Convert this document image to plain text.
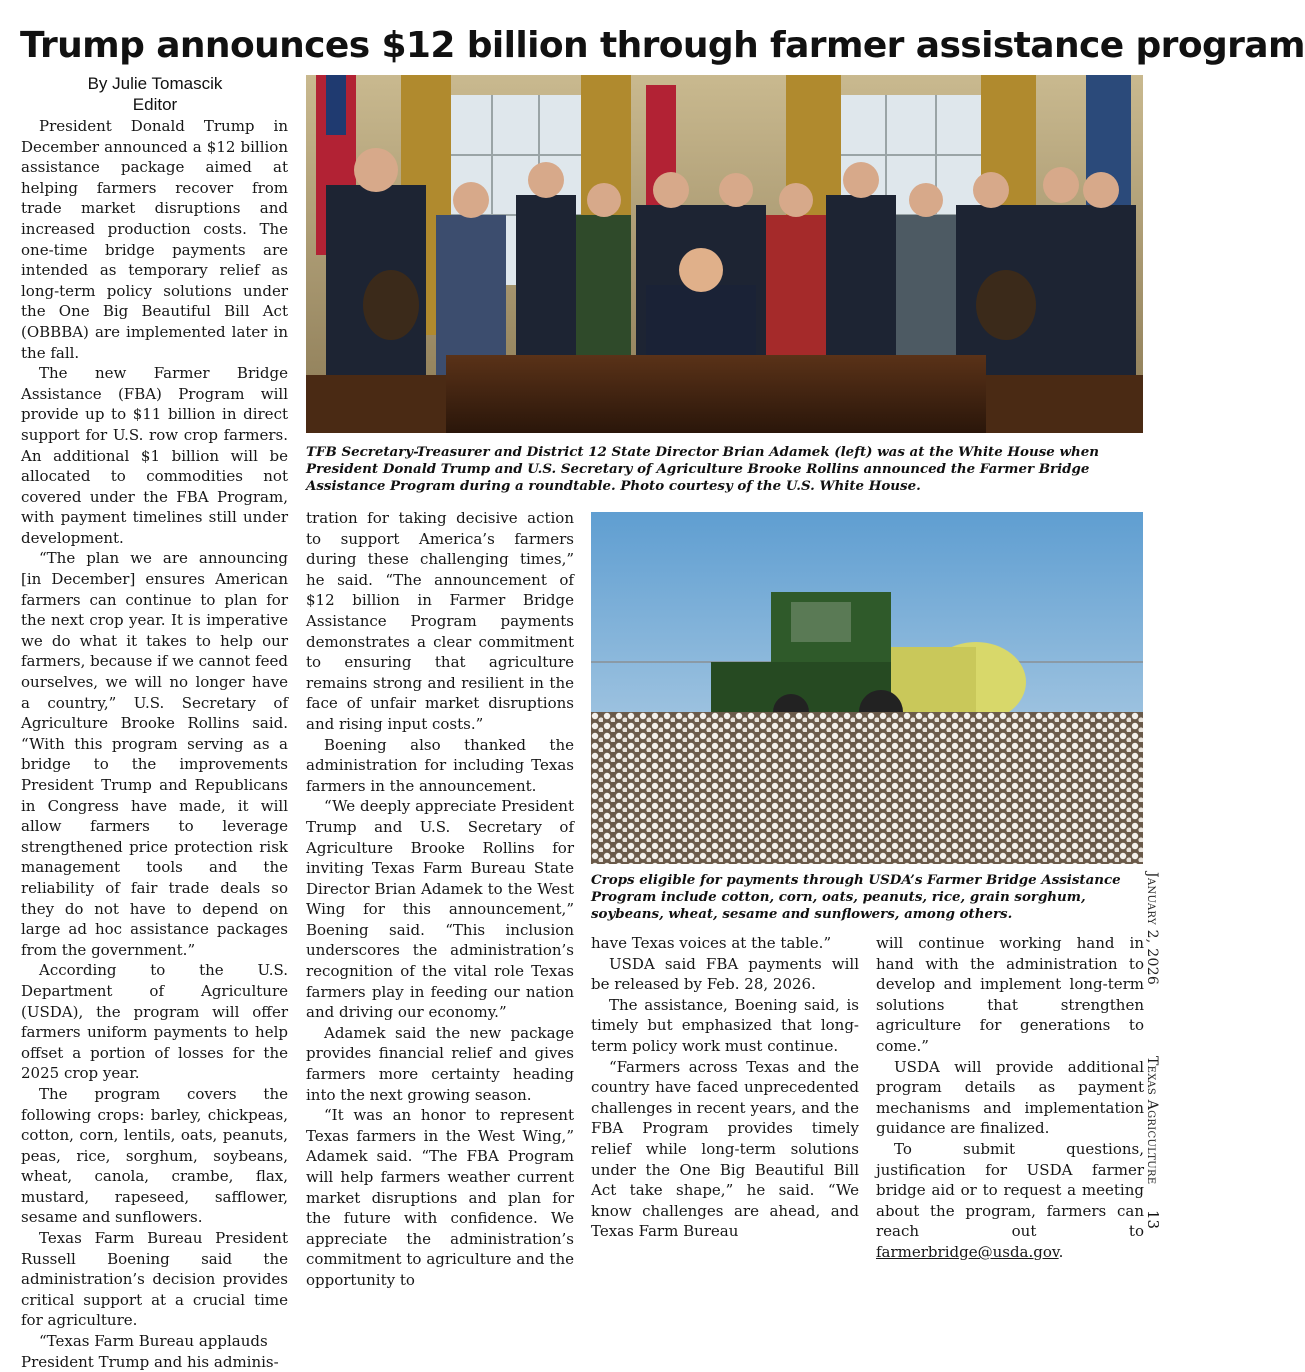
Trump announces $12 billion through farmer assistance program
By Julie Tomascik
Editor

President Donald Trump in December announced a $12 billion assistance package aimed at helping farmers recover from trade market disruptions and increased production costs. The one-time bridge payments are intended as temporary relief as long-term policy solutions under the One Big Beautiful Bill Act (OBBBA) are implemented later in the fall.

The new Farmer Bridge Assistance (FBA) Program will provide up to $11 billion in direct support for U.S. row crop farmers. An additional $1 billion will be allocated to commodities not covered under the FBA Program, with payment timelines still under development.

“The plan we are announcing [in December] ensures American farmers can continue to plan for the next crop year. It is imperative we do what it takes to help our farmers, because if we cannot feed ourselves, we will no longer have a country,” U.S. Secretary of Agriculture Brooke Rollins said. “With this program serving as a bridge to the improvements President Trump and Republicans in Congress have made, it will allow farmers to leverage strengthened price protection risk management tools and the reliability of fair trade deals so they do not have to depend on large ad hoc assistance packages from the government.”

According to the U.S. Department of Agriculture (USDA), the program will offer farmers uniform payments to help offset a portion of losses for the 2025 crop year.

The program covers the following crops: barley, chickpeas, cotton, corn, lentils, oats, peanuts, peas, rice, sorghum, soybeans, wheat, canola, crambe, flax, mustard, rapeseed, safflower, sesame and sunflowers.

Texas Farm Bureau President Russell Boening said the administration’s decision provides critical support at a crucial time for agriculture.

“Texas Farm Bureau applauds President Trump and his adminis-

TFB Secretary-Treasurer and District 12 State Director Brian Adamek (left) was at the White House when President Donald Trump and U.S. Secretary of Agriculture Brooke Rollins announced the Farmer Bridge Assistance Program during a roundtable. Photo courtesy of the U.S. White House.

tration for taking decisive action to support America’s farmers during these challenging times,” he said. “The announcement of $12 billion in Farmer Bridge Assistance Program payments demonstrates a clear commitment to ensuring that agriculture remains strong and resilient in the face of unfair market disruptions and rising input costs.”

Boening also thanked the administration for including Texas farmers in the announcement.

“We deeply appreciate President Trump and U.S. Secretary of Agriculture Brooke Rollins for inviting Texas Farm Bureau State Director Brian Adamek to the West Wing for this announcement,” Boening said. “This inclusion underscores the administration’s recognition of the vital role Texas farmers play in feeding our nation and driving our economy.”

Adamek said the new package provides financial relief and gives farmers more certainty heading into the next growing season.

“It was an honor to represent Texas farmers in the West Wing,” Adamek said. “The FBA Program will help farmers weather current market disruptions and plan for the future with confidence. We appreciate the administration’s commitment to agriculture and the opportunity to

Crops eligible for payments through USDA’s Farmer Bridge Assistance Program include cotton, corn, oats, peanuts, rice, grain sorghum, soybeans, wheat, sesame and sunflowers, among others.

have Texas voices at the table.”

USDA said FBA payments will be released by Feb. 28, 2026.

The assistance, Boening said, is timely but emphasized that long-term policy work must continue.

“Farmers across Texas and the country have faced unprecedented challenges in recent years, and the FBA Program provides timely relief while long-term solutions under the One Big Beautiful Bill Act take shape,” he said. “We know challenges are ahead, and Texas Farm Bureau

will continue working hand in hand with the administration to develop and implement long-term solutions that strengthen agriculture for generations to come.”

USDA will provide additional program details as payment mechanisms and implementation guidance are finalized.

To submit questions, justification for USDA farmer bridge aid or to request a meeting about the program, farmers can reach out to farmerbridge@usda.gov.

January 2, 2026
Texas Agriculture
13
